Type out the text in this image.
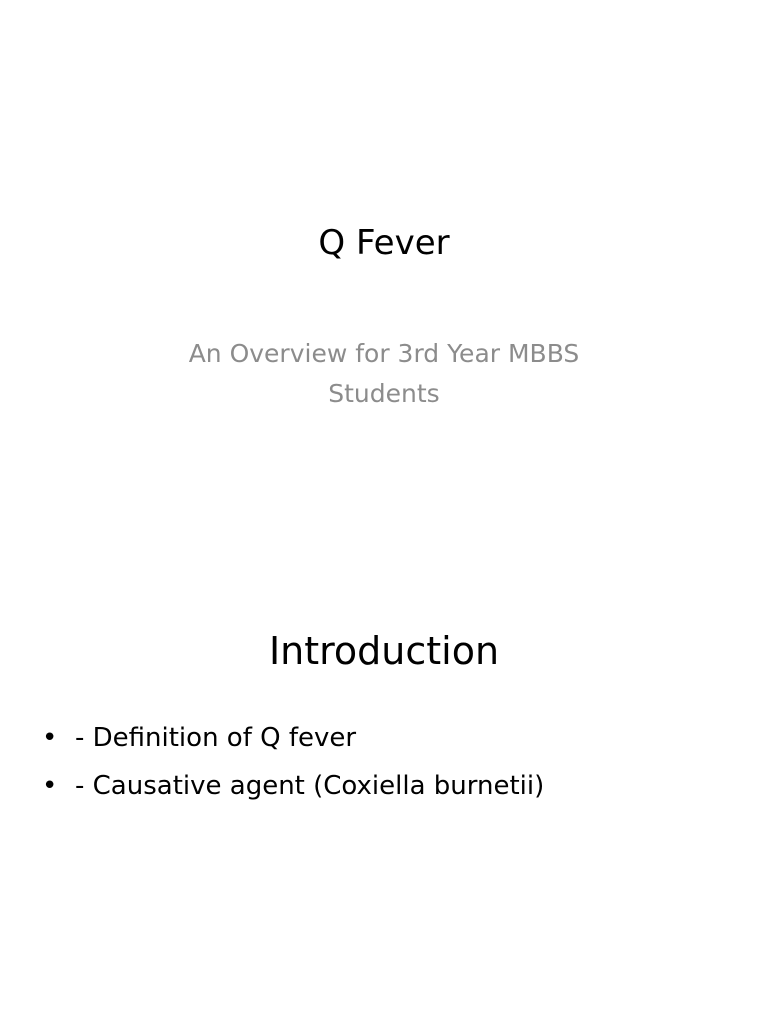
Q Fever
An Overview for 3rd Year MBBS Students
Introduction
• - Definition of Q fever
• - Causative agent (Coxiella burnetii)
